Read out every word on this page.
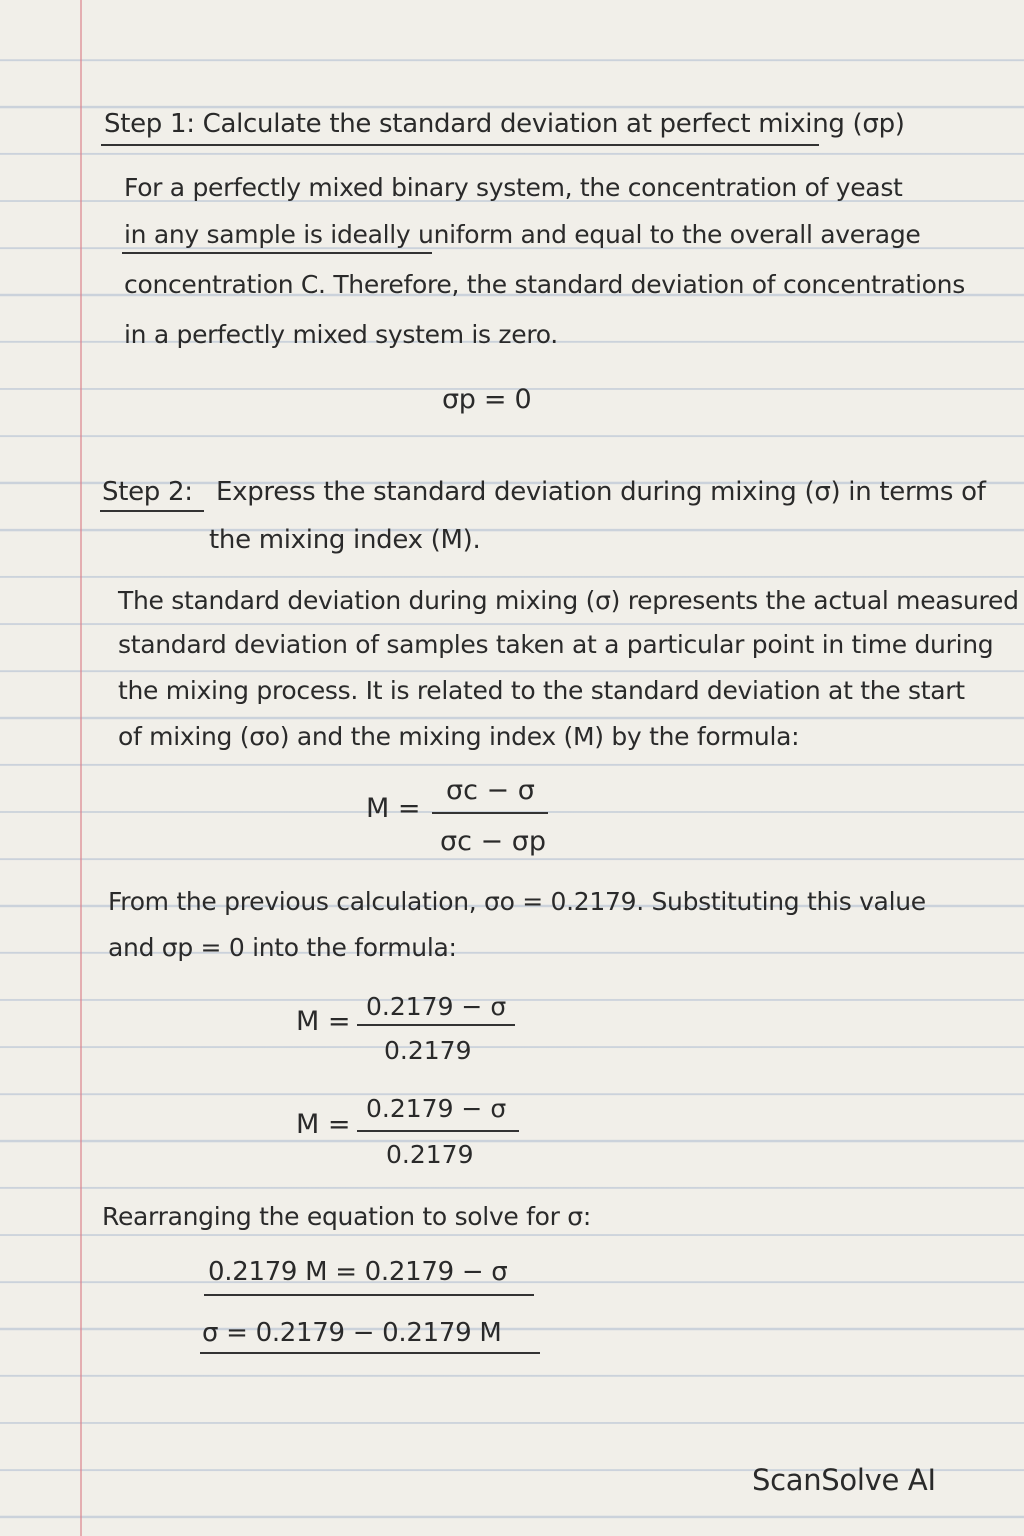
Step 1: Calculate the standard deviation at perfect mixing (σp)
For a perfectly mixed binary system, the concentration of yeast
in any sample is ideally uniform and equal to the overall average
concentration C. Therefore, the standard deviation of concentrations
in a perfectly mixed system is zero.
σp = 0
Step 2: Express the standard deviation during mixing (σ) in terms of
the mixing index (M).
The standard deviation during mixing (σ) represents the actual measured
standard deviation of samples taken at a particular point in time during
the mixing process. It is related to the standard deviation at the start
of mixing (σo) and the mixing index (M) by the formula:
M =
σc − σ
σc − σp
From the previous calculation, σo = 0.2179. Substituting this value
and σp = 0 into the formula:
M = 0.2179 − σ
0.2179
M =
0.2179 − σ
0.2179
Rearranging the equation to solve for σ:
0.2179 M = 0.2179 − σ
σ = 0.2179 − 0.2179 M
ScanSolve AI
